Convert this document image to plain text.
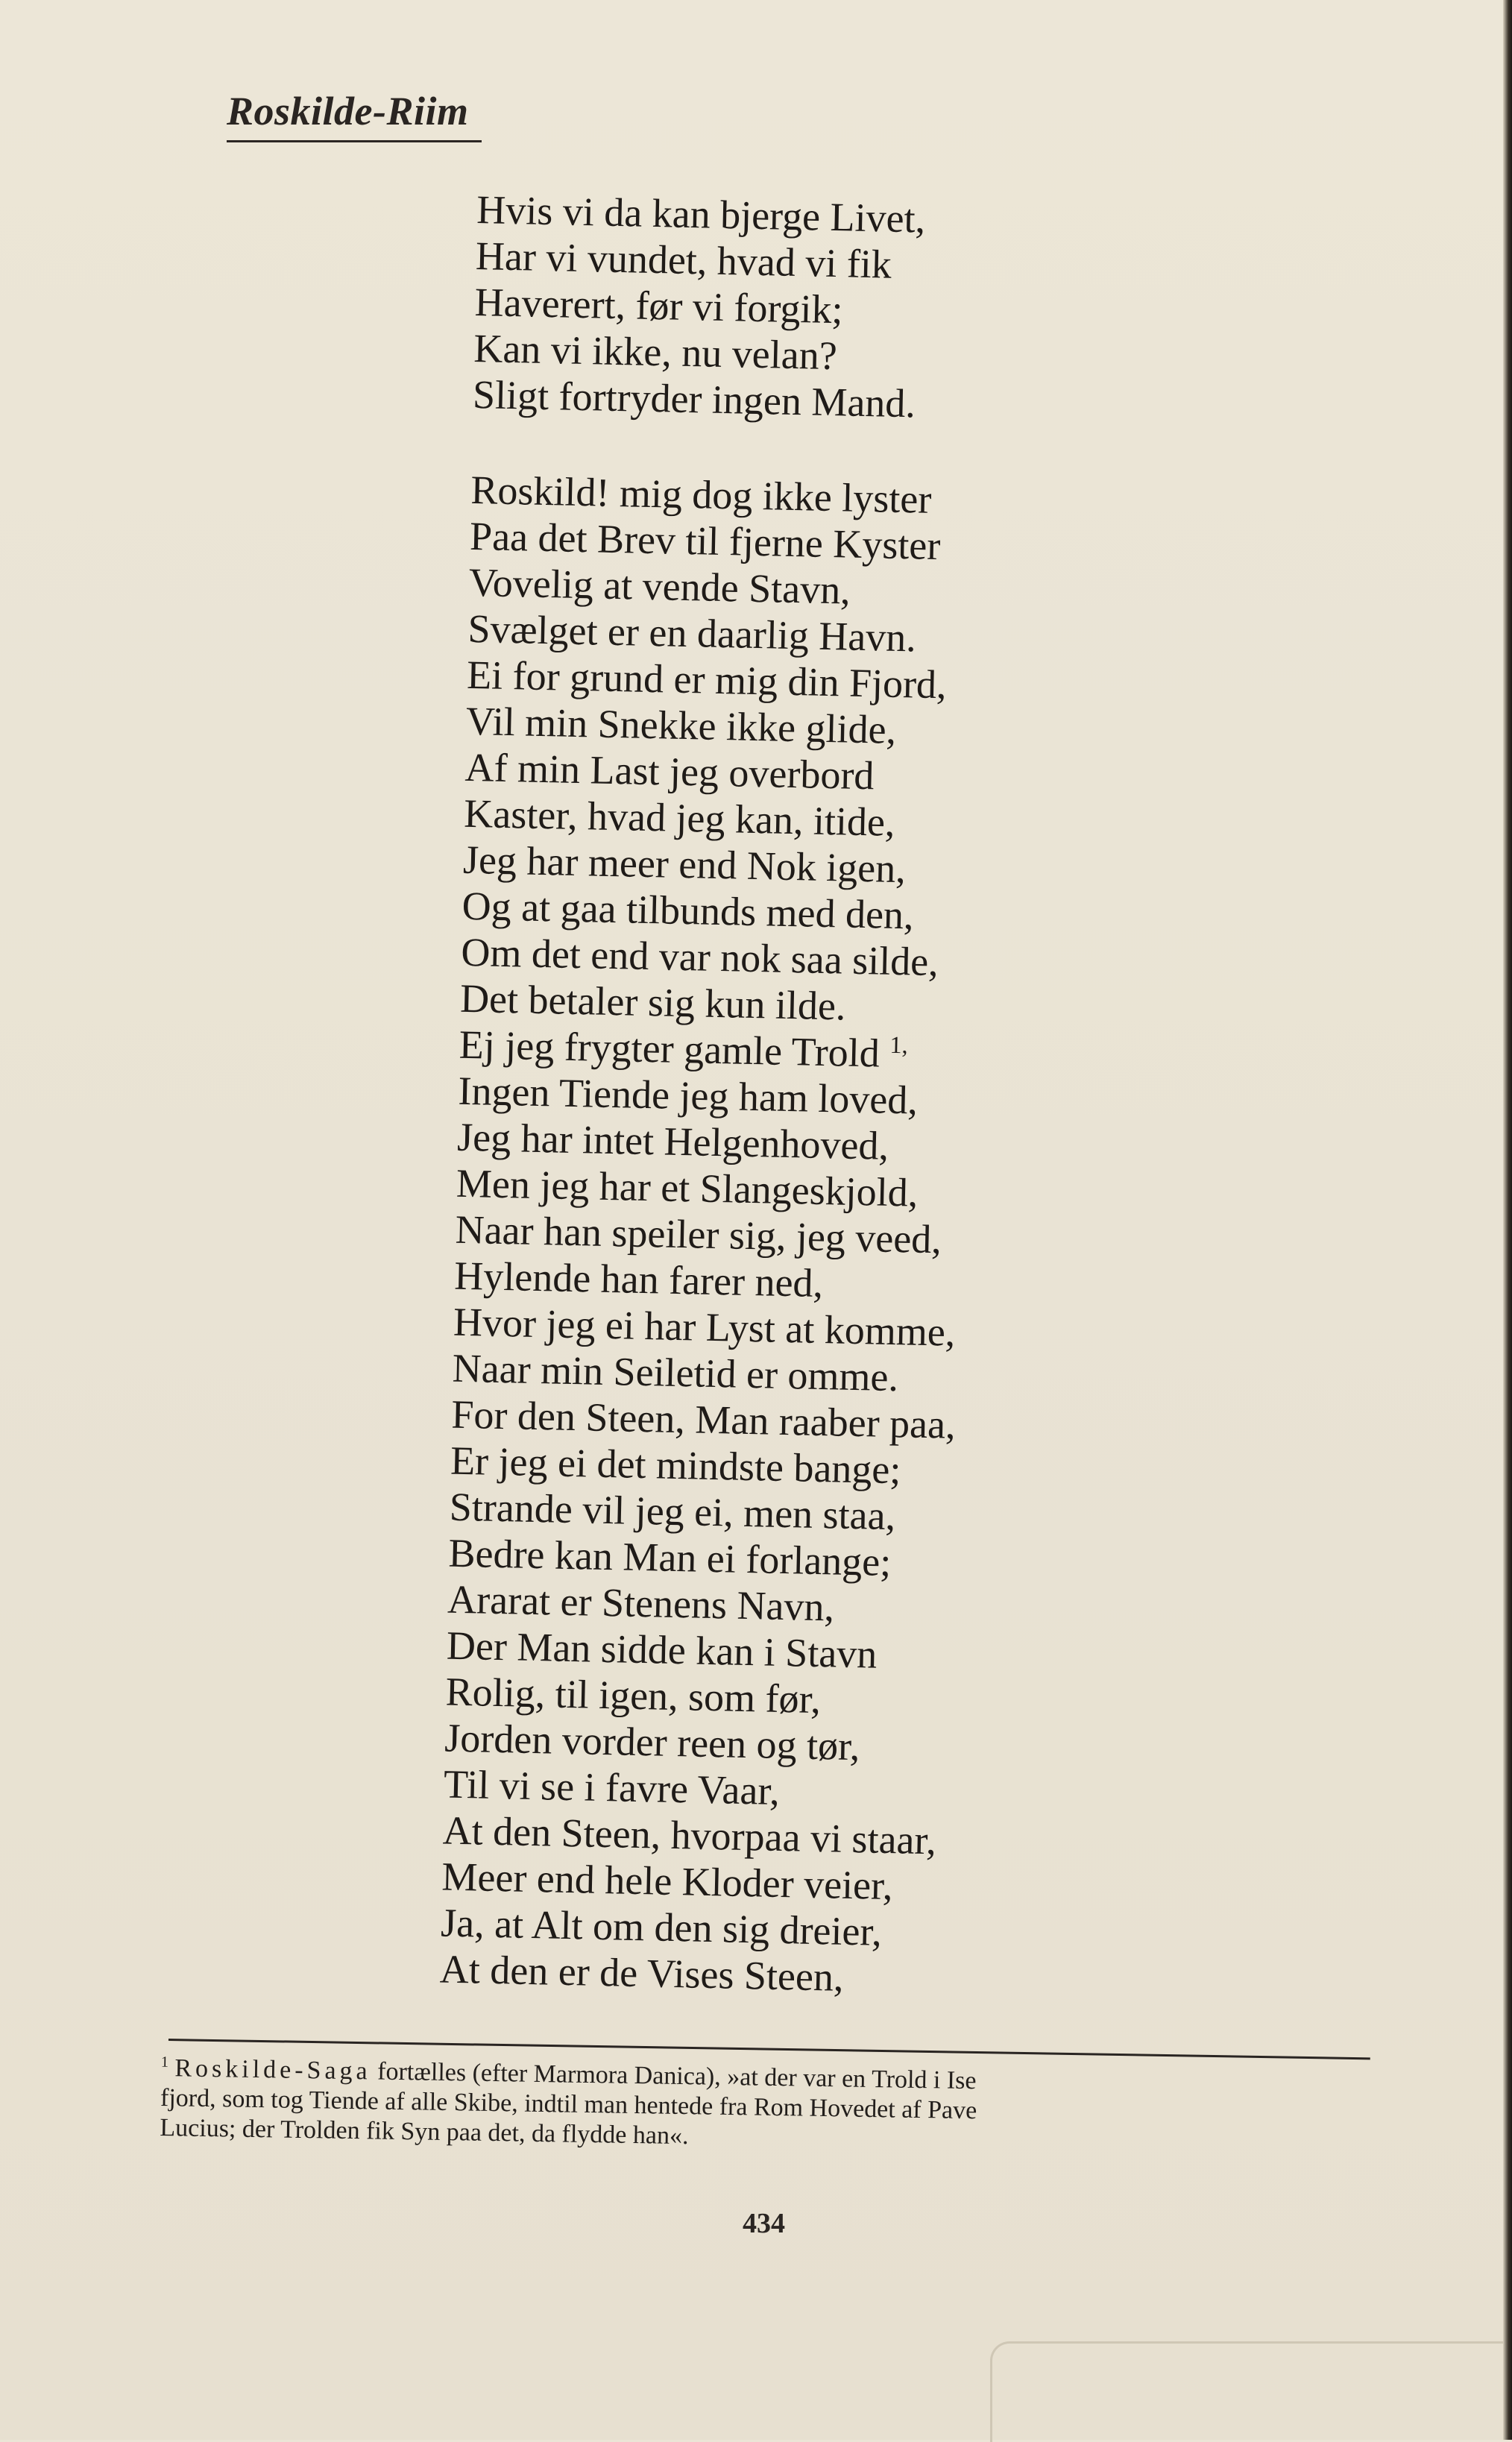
Roskilde-Riim
Hvis vi da kan bjerge Livet,
Har vi vundet, hvad vi fik
Haverert, før vi forgik;
Kan vi ikke, nu velan?
Sligt fortryder ingen Mand.
Roskild! mig dog ikke lyster
Paa det Brev til fjerne Kyster
Vovelig at vende Stavn,
Svælget er en daarlig Havn.
Ei for grund er mig din Fjord,
Vil min Snekke ikke glide,
Af min Last jeg overbord
Kaster, hvad jeg kan, itide,
Jeg har meer end Nok igen,
Og at gaa tilbunds med den,
Om det end var nok saa silde,
Det betaler sig kun ilde.
Ej jeg frygter gamle Trold $^{1,}$
Ingen Tiende jeg ham loved,
Jeg har intet Helgenhoved,
Men jeg har et Slangeskjold,
Naar han speiler sig, jeg veed,
Hylende han farer ned,
Hvor jeg ei har Lyst at komme,
Naar min Seiletid er omme.
For den Steen, Man raaber paa,
Er jeg ei det mindste bange;
Strande vil jeg ei, men staa,
Bedre kan Man ei forlange;
Ararat er Stenens Navn,
Der Man sidde kan i Stavn
Rolig, til igen, som før,
Jorden vorder reen og tør,
Til vi se i favre Vaar,
At den Steen, hvorpaa vi staar,
Meer end hele Kloder veier,
Ja, at Alt om den sig dreier,
At den er de Vises Steen,
$^1$ Roskilde-Saga fortælles (efter Marmora Danica), »at der var en Trold i Ise
fjord, som tog Tiende af alle Skibe, indtil man hentede fra Rom Hovedet af Pave
Lucius; der Trolden fik Syn paa det, da flydde han«.
434
